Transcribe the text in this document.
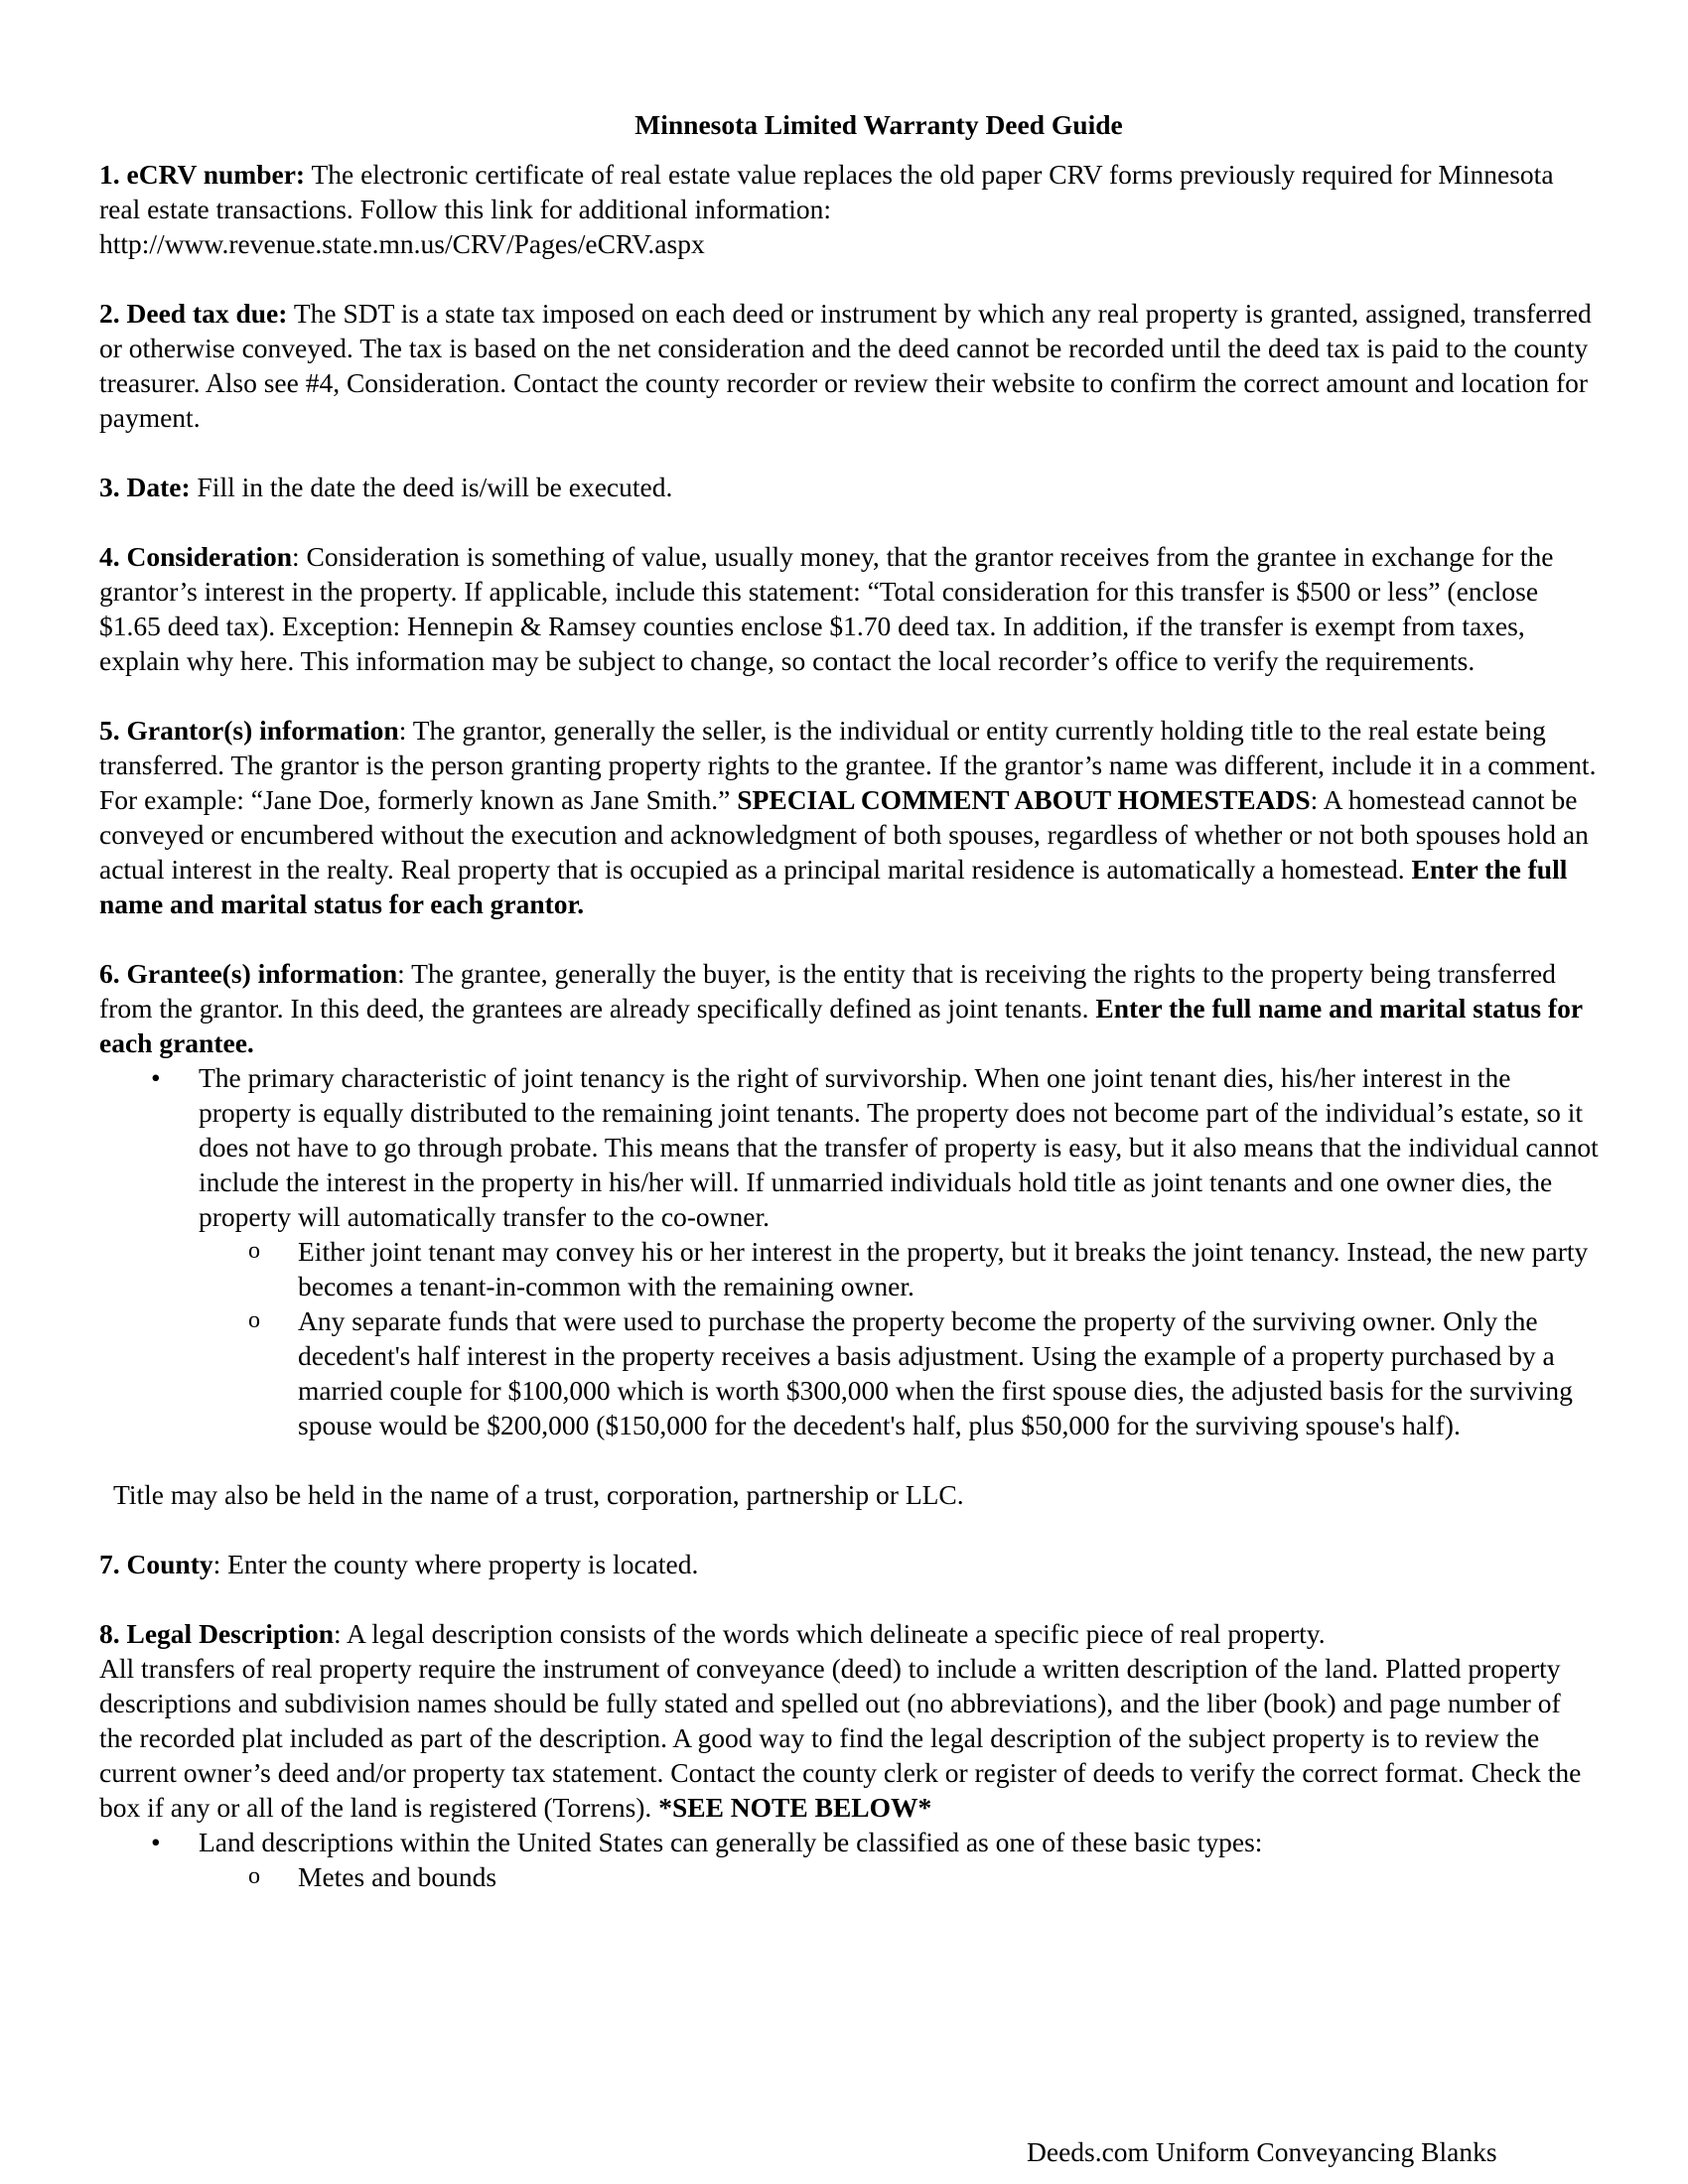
Minnesota Limited Warranty Deed Guide

1. eCRV number: The electronic certificate of real estate value replaces the old paper CRV forms previously required for Minnesota real estate transactions. Follow this link for additional information:
http://www.revenue.state.mn.us/CRV/Pages/eCRV.aspx

2. Deed tax due: The SDT is a state tax imposed on each deed or instrument by which any real property is granted, assigned, transferred or otherwise conveyed. The tax is based on the net consideration and the deed cannot be recorded until the deed tax is paid to the county treasurer. Also see #4, Consideration. Contact the county recorder or review their website to confirm the correct amount and location for payment.

3. Date: Fill in the date the deed is/will be executed.

4. Consideration: Consideration is something of value, usually money, that the grantor receives from the grantee in exchange for the grantor’s interest in the property. If applicable, include this statement: “Total consideration for this transfer is $500 or less” (enclose $1.65 deed tax). Exception: Hennepin & Ramsey counties enclose $1.70 deed tax. In addition, if the transfer is exempt from taxes, explain why here. This information may be subject to change, so contact the local recorder’s office to verify the requirements.

5. Grantor(s) information: The grantor, generally the seller, is the individual or entity currently holding title to the real estate being transferred. The grantor is the person granting property rights to the grantee. If the grantor’s name was different, include it in a comment. For example: “Jane Doe, formerly known as Jane Smith.” SPECIAL COMMENT ABOUT HOMESTEADS: A homestead cannot be conveyed or encumbered without the execution and acknowledgment of both spouses, regardless of whether or not both spouses hold an actual interest in the realty. Real property that is occupied as a principal marital residence is automatically a homestead. Enter the full name and marital status for each grantor.

6. Grantee(s) information: The grantee, generally the buyer, is the entity that is receiving the rights to the property being transferred from the grantor. In this deed, the grantees are already specifically defined as joint tenants. Enter the full name and marital status for each grantee.
• The primary characteristic of joint tenancy is the right of survivorship. When one joint tenant dies, his/her interest in the property is equally distributed to the remaining joint tenants. The property does not become part of the individual’s estate, so it does not have to go through probate. This means that the transfer of property is easy, but it also means that the individual cannot include the interest in the property in his/her will. If unmarried individuals hold title as joint tenants and one owner dies, the property will automatically transfer to the co-owner.
o Either joint tenant may convey his or her interest in the property, but it breaks the joint tenancy. Instead, the new party becomes a tenant-in-common with the remaining owner.
o Any separate funds that were used to purchase the property become the property of the surviving owner. Only the decedent's half interest in the property receives a basis adjustment. Using the example of a property purchased by a married couple for $100,000 which is worth $300,000 when the first spouse dies, the adjusted basis for the surviving spouse would be $200,000 ($150,000 for the decedent's half, plus $50,000 for the surviving spouse's half).
Title may also be held in the name of a trust, corporation, partnership or LLC.

7. County: Enter the county where property is located.

8. Legal Description: A legal description consists of the words which delineate a specific piece of real property.
All transfers of real property require the instrument of conveyance (deed) to include a written description of the land. Platted property descriptions and subdivision names should be fully stated and spelled out (no abbreviations), and the liber (book) and page number of the recorded plat included as part of the description. A good way to find the legal description of the subject property is to review the current owner’s deed and/or property tax statement. Contact the county clerk or register of deeds to verify the correct format. Check the box if any or all of the land is registered (Torrens). *SEE NOTE BELOW*
• Land descriptions within the United States can generally be classified as one of these basic types:
o Metes and bounds
Deeds.com Uniform Conveyancing Blanks
